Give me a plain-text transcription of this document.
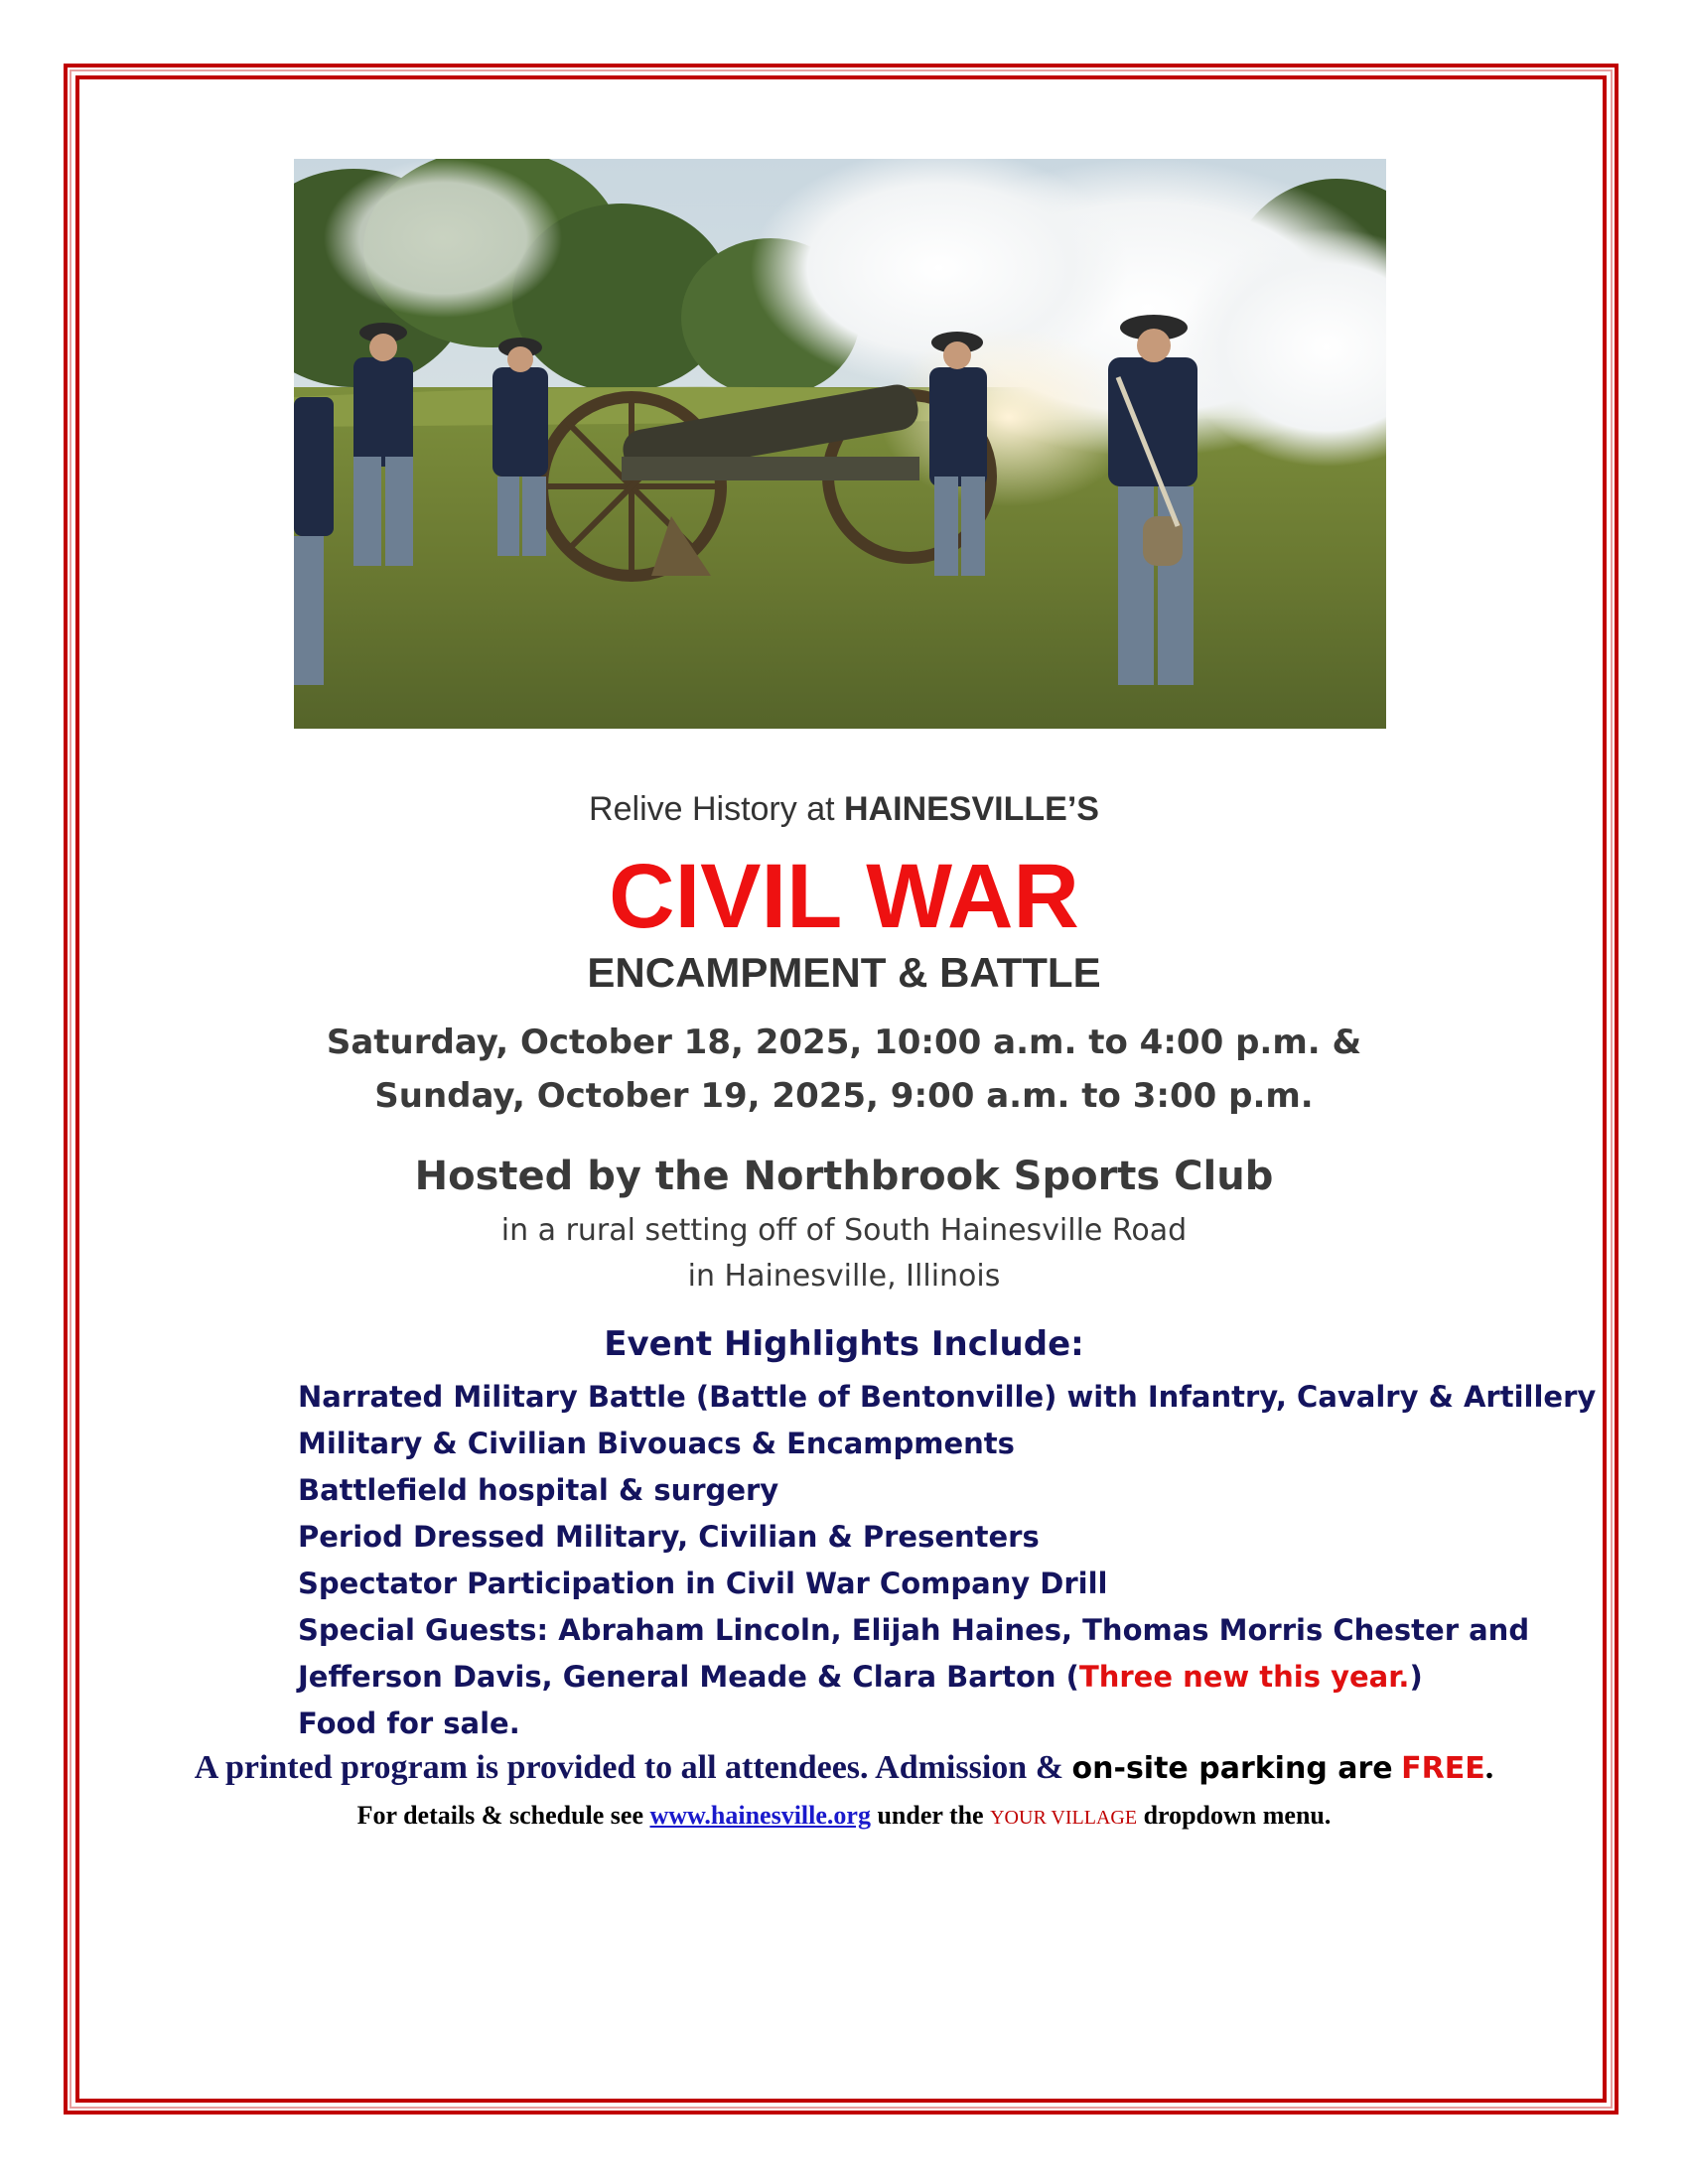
Relive History at HAINESVILLE’S
CIVIL WAR
ENCAMPMENT & BATTLE
Saturday, October 18, 2025, 10:00 a.m. to 4:00 p.m. &
Sunday, October 19, 2025, 9:00 a.m. to 3:00 p.m.
Hosted by the Northbrook Sports Club
in a rural setting off of South Hainesville Road
in Hainesville, Illinois
Event Highlights Include:
Narrated Military Battle (Battle of Bentonville) with Infantry, Cavalry & Artillery
Military & Civilian Bivouacs & Encampments
Battlefield hospital & surgery
Period Dressed Military, Civilian & Presenters
Spectator Participation in Civil War Company Drill
Special Guests: Abraham Lincoln, Elijah Haines, Thomas Morris Chester and
Jefferson Davis, General Meade & Clara Barton (Three new this year.)
Food for sale.
A printed program is provided to all attendees. Admission & on-site parking are FREE.
For details & schedule see www.hainesville.org under the YOUR VILLAGE dropdown menu.
